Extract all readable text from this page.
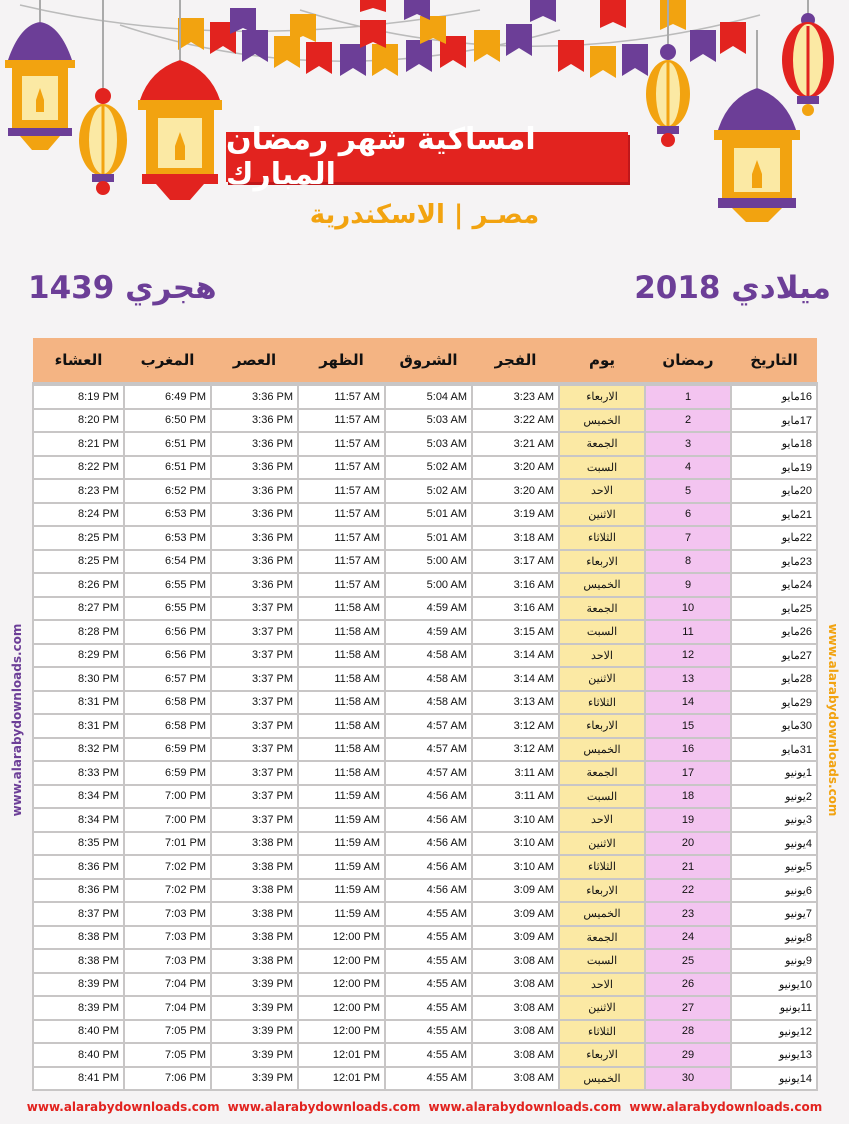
امساكية شهر رمضان المبارك
مصـر | الاسكندرية
2018 ميلادي
1439 هجري
www.alarabydownloads.com	www.alarabydownloads.com
التاريخ	رمضان	يوم	الفجر	الشروق	الظهر	العصر	المغرب	العشاء
16مايو	1	الاربعاء	3:23 AM	5:04 AM	11:57 AM	3:36 PM	6:49 PM	8:19 PM
17مايو	2	الخميس	3:22 AM	5:03 AM	11:57 AM	3:36 PM	6:50 PM	8:20 PM
18مايو	3	الجمعة	3:21 AM	5:03 AM	11:57 AM	3:36 PM	6:51 PM	8:21 PM
19مايو	4	السبت	3:20 AM	5:02 AM	11:57 AM	3:36 PM	6:51 PM	8:22 PM
20مايو	5	الاحد	3:20 AM	5:02 AM	11:57 AM	3:36 PM	6:52 PM	8:23 PM
21مايو	6	الاثنين	3:19 AM	5:01 AM	11:57 AM	3:36 PM	6:53 PM	8:24 PM
22مايو	7	الثلاثاء	3:18 AM	5:01 AM	11:57 AM	3:36 PM	6:53 PM	8:25 PM
23مايو	8	الاربعاء	3:17 AM	5:00 AM	11:57 AM	3:36 PM	6:54 PM	8:25 PM
24مايو	9	الخميس	3:16 AM	5:00 AM	11:57 AM	3:36 PM	6:55 PM	8:26 PM
25مايو	10	الجمعة	3:16 AM	4:59 AM	11:58 AM	3:37 PM	6:55 PM	8:27 PM
26مايو	11	السبت	3:15 AM	4:59 AM	11:58 AM	3:37 PM	6:56 PM	8:28 PM
27مايو	12	الاحد	3:14 AM	4:58 AM	11:58 AM	3:37 PM	6:56 PM	8:29 PM
28مايو	13	الاثنين	3:14 AM	4:58 AM	11:58 AM	3:37 PM	6:57 PM	8:30 PM
29مايو	14	الثلاثاء	3:13 AM	4:58 AM	11:58 AM	3:37 PM	6:58 PM	8:31 PM
30مايو	15	الاربعاء	3:12 AM	4:57 AM	11:58 AM	3:37 PM	6:58 PM	8:31 PM
31مايو	16	الخميس	3:12 AM	4:57 AM	11:58 AM	3:37 PM	6:59 PM	8:32 PM
1يونيو	17	الجمعة	3:11 AM	4:57 AM	11:58 AM	3:37 PM	6:59 PM	8:33 PM
2يونيو	18	السبت	3:11 AM	4:56 AM	11:59 AM	3:37 PM	7:00 PM	8:34 PM
3يونيو	19	الاحد	3:10 AM	4:56 AM	11:59 AM	3:37 PM	7:00 PM	8:34 PM
4يونيو	20	الاثنين	3:10 AM	4:56 AM	11:59 AM	3:38 PM	7:01 PM	8:35 PM
5يونيو	21	الثلاثاء	3:10 AM	4:56 AM	11:59 AM	3:38 PM	7:02 PM	8:36 PM
6يونيو	22	الاربعاء	3:09 AM	4:56 AM	11:59 AM	3:38 PM	7:02 PM	8:36 PM
7يونيو	23	الخميس	3:09 AM	4:55 AM	11:59 AM	3:38 PM	7:03 PM	8:37 PM
8يونيو	24	الجمعة	3:09 AM	4:55 AM	12:00 PM	3:38 PM	7:03 PM	8:38 PM
9يونيو	25	السبت	3:08 AM	4:55 AM	12:00 PM	3:38 PM	7:03 PM	8:38 PM
10يونيو	26	الاحد	3:08 AM	4:55 AM	12:00 PM	3:39 PM	7:04 PM	8:39 PM
11يونيو	27	الاثنين	3:08 AM	4:55 AM	12:00 PM	3:39 PM	7:04 PM	8:39 PM
12يونيو	28	الثلاثاء	3:08 AM	4:55 AM	12:00 PM	3:39 PM	7:05 PM	8:40 PM
13يونيو	29	الاربعاء	3:08 AM	4:55 AM	12:01 PM	3:39 PM	7:05 PM	8:40 PM
14يونيو	30	الخميس	3:08 AM	4:55 AM	12:01 PM	3:39 PM	7:06 PM	8:41 PM
www.alarabydownloads.com www.alarabydownloads.com www.alarabydownloads.com www.alarabydownloads.com
